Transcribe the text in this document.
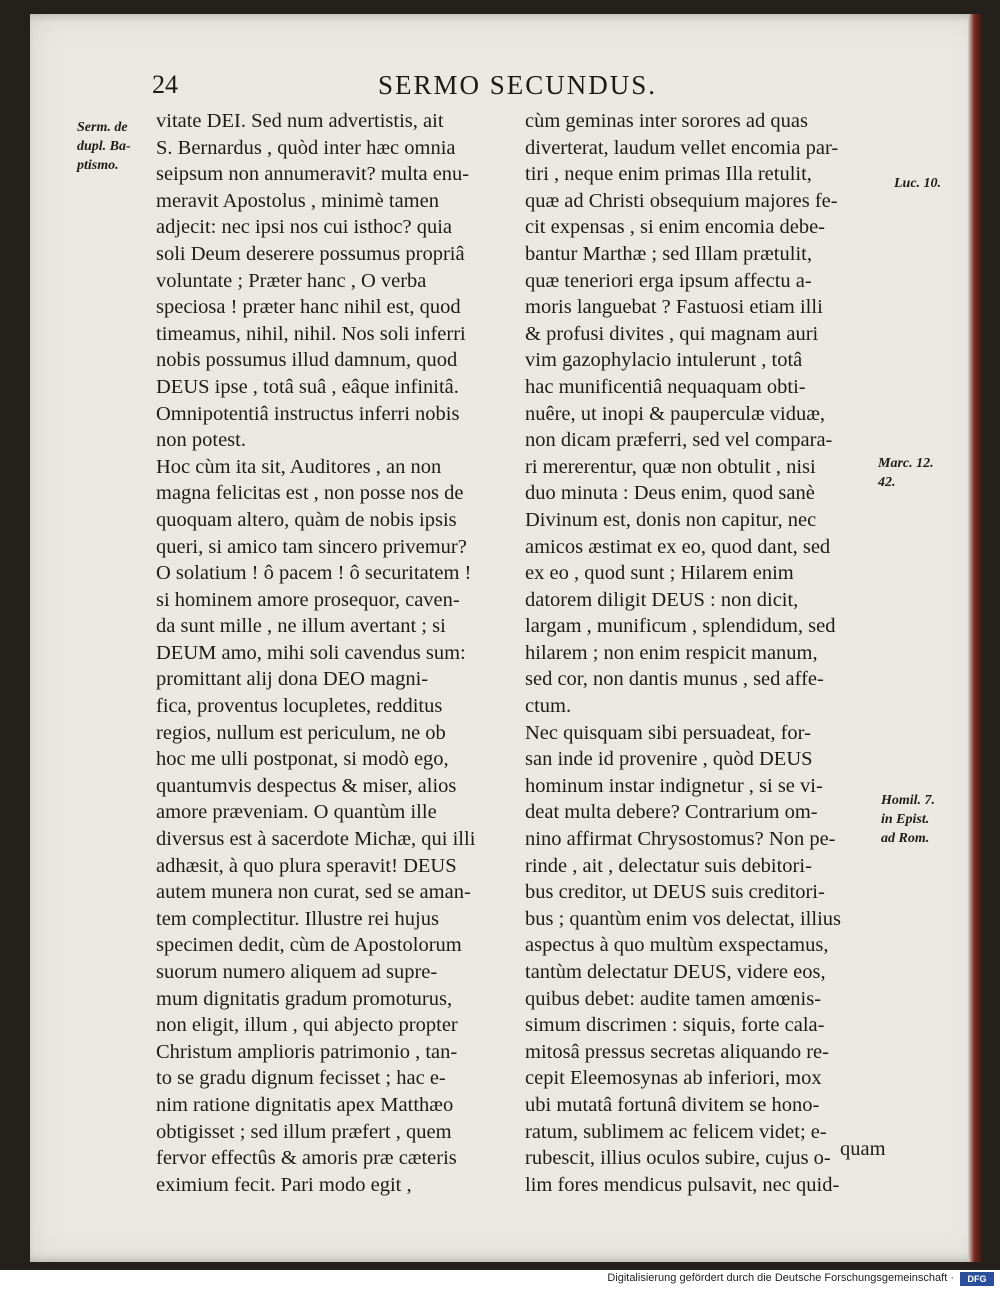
24	SERMO SECUNDUS.
Serm. de
dupl. Ba-
ptismo.
Luc. 10.
Marc. 12.
42.
Homil. 7.
in Epist.
ad Rom.
vitate DEI. Sed num advertistis, ait
S. Bernardus , quòd inter hæc omnia
seipsum non annumeravit? multa enu-
meravit Apostolus , minimè tamen
adjecit: nec ipsi nos cui isthoc? quia
soli Deum deserere possumus propriâ
voluntate ; Præter hanc , O verba
speciosa ! præter hanc nihil est, quod
timeamus, nihil, nihil. Nos soli inferri
nobis possumus illud damnum, quod
DEUS ipse , totâ suâ , eâque infinitâ.
Omnipotentiâ instructus inferri nobis
non potest.
Hoc cùm ita sit, Auditores , an non
magna felicitas est , non posse nos de
quoquam altero, quàm de nobis ipsis
queri, si amico tam sincero privemur?
O solatium ! ô pacem ! ô securitatem !
si hominem amore prosequor, caven-
da sunt mille , ne illum avertant ; si
DEUM amo, mihi soli cavendus sum:
promittant alij dona DEO magni-
fica, proventus locupletes, redditus
regios, nullum est periculum, ne ob
hoc me ulli postponat, si modò ego,
quantumvis despectus & miser, alios
amore præveniam. O quantùm ille
diversus est à sacerdote Michæ, qui illi
adhæsit, à quo plura speravit! DEUS
autem munera non curat, sed se aman-
tem complectitur. Illustre rei hujus
specimen dedit, cùm de Apostolorum
suorum numero aliquem ad supre-
mum dignitatis gradum promoturus,
non eligit, illum , qui abjecto propter
Christum amplioris patrimonio , tan-
to se gradu dignum fecisset ; hac e-
nim ratione dignitatis apex Matthæo
obtigisset ; sed illum præfert , quem
fervor effectûs & amoris præ cæteris
eximium fecit. Pari modo egit ,
cùm geminas inter sorores ad quas
diverterat, laudum vellet encomia par-
tiri , neque enim primas Illa retulit,
quæ ad Christi obsequium majores fe-
cit expensas , si enim encomia debe-
bantur Marthæ ; sed Illam prætulit,
quæ teneriori erga ipsum affectu a-
moris languebat ? Fastuosi etiam illi
& profusi divites , qui magnam auri
vim gazophylacio intulerunt , totâ
hac munificentiâ nequaquam obti-
nuêre, ut inopi & pauperculæ viduæ,
non dicam præferri, sed vel compara-
ri mererentur, quæ non obtulit , nisi
duo minuta : Deus enim, quod sanè
Divinum est, donis non capitur, nec
amicos æstimat ex eo, quod dant, sed
ex eo , quod sunt ; Hilarem enim
datorem diligit DEUS : non dicit,
largam , munificum , splendidum, sed
hilarem ; non enim respicit manum,
sed cor, non dantis munus , sed affe-
ctum.
Nec quisquam sibi persuadeat, for-
san inde id provenire , quòd DEUS
hominum instar indignetur , si se vi-
deat multa debere? Contrarium om-
nino affirmat Chrysostomus? Non pe-
rinde , ait , delectatur suis debitori-
bus creditor, ut DEUS suis creditori-
bus ; quantùm enim vos delectat, illius
aspectus à quo multùm exspectamus,
tantùm delectatur DEUS, videre eos,
quibus debet: audite tamen amœnis-
simum discrimen : siquis, forte cala-
mitosâ pressus secretas aliquando re-
cepit Eleemosynas ab inferiori, mox
ubi mutatâ fortunâ divitem se hono-
ratum, sublimem ac felicem videt; e-
rubescit, illius oculos subire, cujus o-
lim fores mendicus pulsavit, nec quid-
quam
Digitalisierung gefördert durch die Deutsche Forschungsgemeinschaft ·	DFG
